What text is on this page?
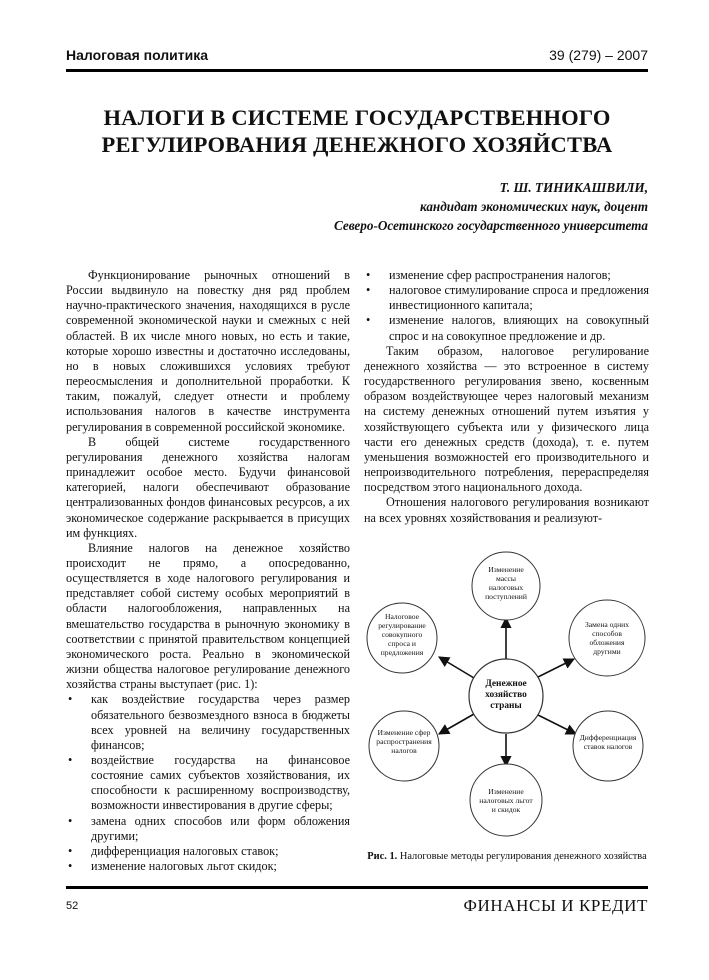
Налоговая политика	39 (279) – 2007
НАЛОГИ В СИСТЕМЕ ГОСУДАРСТВЕННОГО
РЕГУЛИРОВАНИЯ ДЕНЕЖНОГО ХОЗЯЙСТВА
Т. Ш. ТИНИКАШВИЛИ,
кандидат экономических наук, доцент
Северо-Осетинского государственного университета

Функционирование рыночных отношений в России выдвинуло на повестку дня ряд проблем научно-практического значения, находящихся в русле современной экономической науки и смежных с ней областей. В их числе много новых, но есть и такие, которые хорошо известны и достаточно исследованы, но в новых сложившихся условиях требуют переосмысления и дополнительной проработки. К таким, пожалуй, следует отнести и проблему использования налогов в качестве инструмента регулирования в современной российской экономике.

В общей системе государственного регулирования денежного хозяйства налогам принадлежит особое место. Будучи финансовой категорией, налоги обеспечивают образование централизованных фондов финансовых ресурсов, а их экономическое содержание раскрывается в присущих им функциях.

Влияние налогов на денежное хозяйство происходит не прямо, а опосредованно, осуществляется в ходе налогового регулирования и представляет собой систему особых мероприятий в области налогообложения, направленных на вмешательство государства в рыночную экономику в соответствии с принятой правительством концепцией экономического роста. Реально в экономической жизни общества налоговое регулирование денежного хозяйства страны выступает (рис. 1):

• как воздействие государства через размер обязательного безвозмездного взноса в бюджеты всех уровней на величину государственных финансов;
• воздействие государства на финансовое состояние самих субъектов хозяйствования, их способности к расширенному воспроизводству, возможности инвестирования в другие сферы;
• замена одних способов или форм обложения другими;
• дифференциация налоговых ставок;
• изменение налоговых льгот скидок;
• изменение сфер распространения налогов;
• налоговое стимулирование спроса и предложения инвестиционного капитала;
• изменение налогов, влияющих на совокупный спрос и на совокупное предложение и др.

Таким образом, налоговое регулирование денежного хозяйства — это встроенное в систему государственного регулирования звено, косвенным образом воздействующее через налоговый механизм на систему денежных отношений путем изъятия у хозяйствующего субъекта или у физического лица части его денежных средств (дохода), т. е. путем уменьшения возможностей его производительного и непроизводительного потребления, перераспределяя посредством этого национального дохода.

Отношения налогового регулирования возникают на всех уровнях хозяйствования и реализуют-

Изменение массы налоговых поступлений
Замена одних способов обложения другими
Дифференциация ставок налогов
Изменение налоговых льгот и скидок
Изменение сфер распространения налогов
Налоговое регулирование совокупного спроса и предложения
Денежное хозяйство страны
Рис. 1. Налоговые методы регулирования денежного хозяйства
52	ФИНАНСЫ И КРЕДИТ
